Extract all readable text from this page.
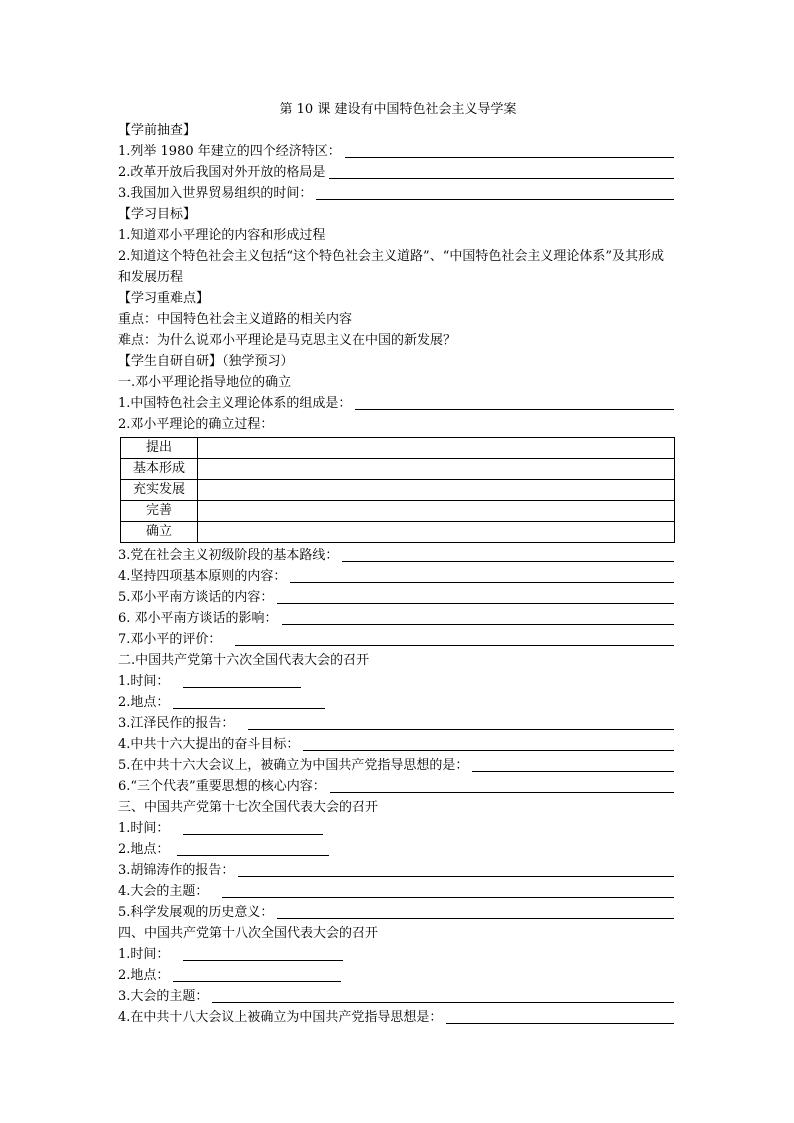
第 10 课 建设有中国特色社会主义导学案
【学前抽查】
1.列举 1980 年建立的四个经济特区：
2.改革开放后我国对外开放的格局是
3.我国加入世界贸易组织的时间：
【学习目标】
1.知道邓小平理论的内容和形成过程
2.知道这个特色社会主义包括“这个特色社会主义道路”、“中国特色社会主义理论体系”及其形成和发展历程
【学习重难点】
重点：中国特色社会主义道路的相关内容
难点：为什么说邓小平理论是马克思主义在中国的新发展？
【学生自研自研】（独学预习）
一.邓小平理论指导地位的确立
1.中国特色社会主义理论体系的组成是：
2.邓小平理论的确立过程：
提出	
基本形成	
充实发展	
完善	
确立	
3.党在社会主义初级阶段的基本路线：
4.坚持四项基本原则的内容：
5.邓小平南方谈话的内容：
6. 邓小平南方谈话的影响：
7.邓小平的评价：
二.中国共产党第十六次全国代表大会的召开
1.时间：
2.地点：
3.江泽民作的报告：
4.中共十六大提出的奋斗目标：
5.在中共十六大会议上，被确立为中国共产党指导思想的是：
6.“三个代表”重要思想的核心内容：
三、中国共产党第十七次全国代表大会的召开
1.时间：
2.地点：
3.胡锦涛作的报告：
4.大会的主题：
5.科学发展观的历史意义：
四、中国共产党第十八次全国代表大会的召开
1.时间：
2.地点：
3.大会的主题：
4.在中共十八大会议上被确立为中国共产党指导思想是：
